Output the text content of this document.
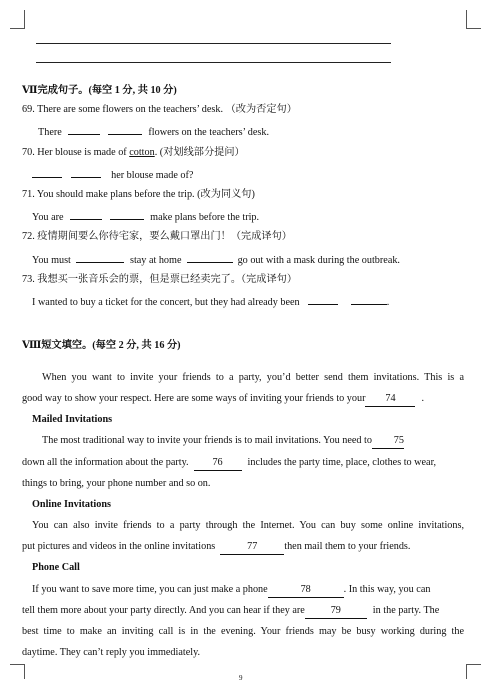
Ⅶ完成句子。(每空 1 分, 共 10 分)
69. There are some flowers on the teachers’ desk. （改为否定句）
There	flowers on the teachers’ desk.
70. Her blouse is made of cotton. (对划线部分提问）
her blouse made of?
71. You should make plans before the trip. (改为同义句)
You are	make plans before the trip.
72. 疫情期间要么你待宅家，要么戴口罩出门！（完成译句）
You must	stay at home	go out with a mask during the outbreak.
73. 我想买一张音乐会的票，但是票已经卖完了。（完成译句）
I wanted to buy a ticket for the concert, but they had already been	.
Ⅷ短文填空。(每空 2 分, 共 16 分)
When you want to invite your friends to a party, you’d better send them invitations. This is a
good way to show your respect. Here are some ways of inviting your friends to your 74	.
Mailed Invitations
The most traditional way to invite your friends is to mail invitations. You need to 75
down all the information about the party. 76 includes the party time, place, clothes to wear,
things to bring, your phone number and so on.
Online Invitations
You can also invite friends to a party through the Internet. You can buy some online invitations,
put pictures and videos in the online invitations	77	then mail them to your friends.
Phone Call
If you want to save more time, you can just make a phone	78	. In this way, you can
tell them more about your party directly. And you can hear if they are	79	in the party. The
best time to make an inviting call is in the evening. Your friends may be busy working during the
daytime. They can’t reply you immediately.
9
